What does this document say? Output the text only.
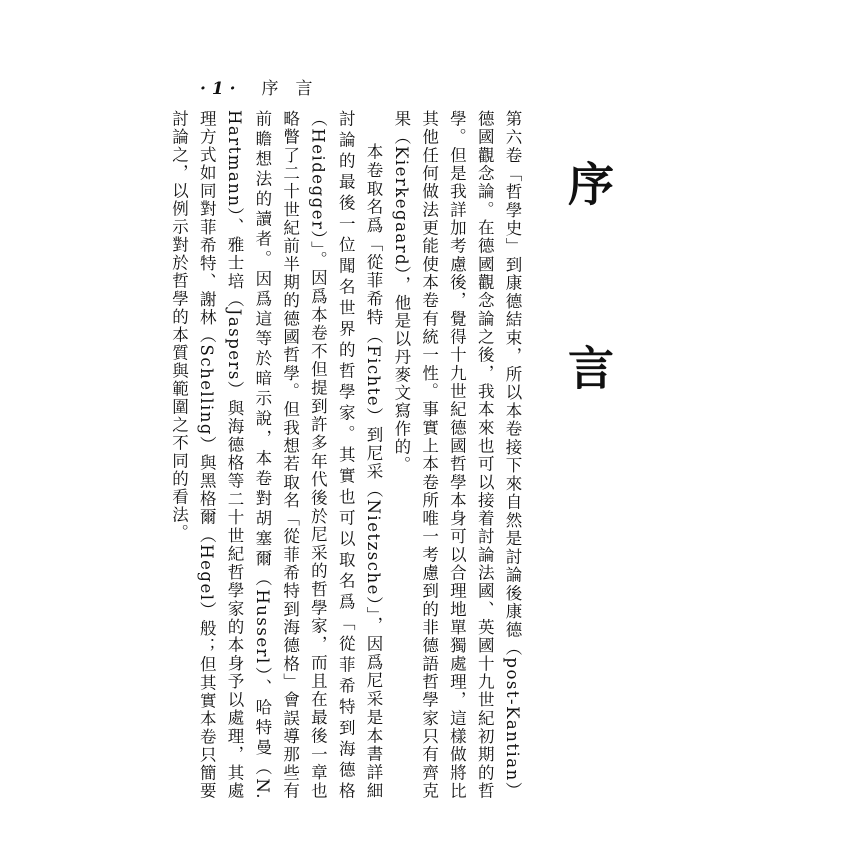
· 1 · 序　言
序　言

第六卷「哲學史」到康德結束，所以本卷接下來自然是討論後康德（post-Kantian）德國觀念論。在德國觀念論之後，我本來也可以接着討論法國、英國十九世紀初期的哲學。但是我詳加考慮後，覺得十九世紀德國哲學本身可以合理地單獨處理，這樣做將比其他任何做法更能使本卷有統一性。事實上本卷所唯一考慮到的非德語哲學家只有齊克果（Kierkegaard），他是以丹麥文寫作的。

本卷取名爲「從菲希特（Fichte）到尼采（Nietzsche）」，因爲尼采是本書詳細討論的最後一位聞名世界的哲學家。其實也可以取名爲「從菲希特到海德格（Heidegger）」。因爲本卷不但提到許多年代後於尼采的哲學家，而且在最後一章也略瞥了二十世紀前半期的德國哲學。但我想若取名「從菲希特到海德格」會誤導那些有前瞻想法的讀者。因爲這等於暗示說，本卷對胡塞爾（Husserl）、哈特曼（N. Hartmann）、雅士培（Jaspers）與海德格等二十世紀哲學家的本身予以處理，其處理方式如同對菲希特、謝林（Schelling）與黑格爾（Hegel）般；但其實本卷只簡要討論之，以例示對於哲學的本質與範圍之不同的看法。
